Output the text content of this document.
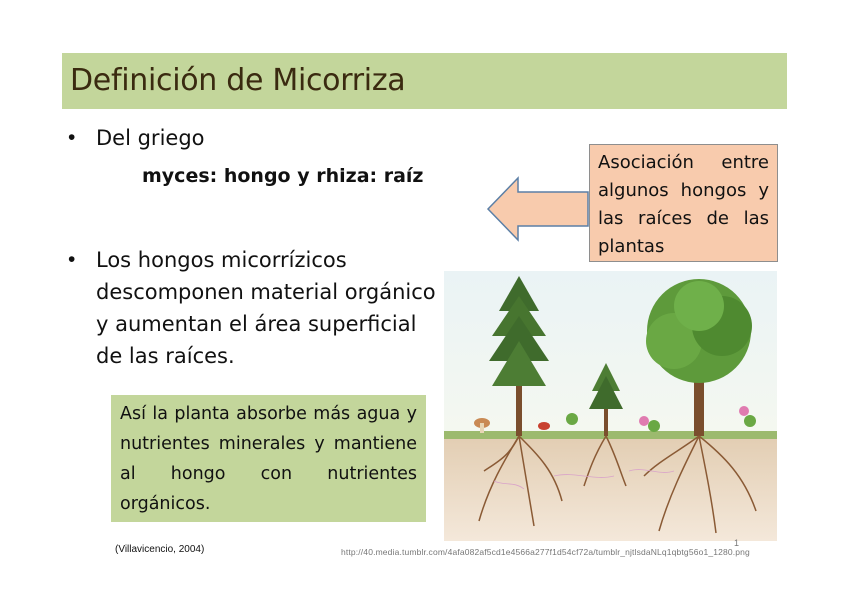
Definición de Micorriza
• Del griego
myces: hongo y rhiza: raíz
• Los hongos micorrízicos descomponen material orgánico y aumentan el área superficial de las raíces.
Asociación entre algunos hongos y las raíces de las plantas
Así la planta absorbe más agua y nutrientes minerales y mantiene al hongo con nutrientes orgánicos.
(Villavicencio, 2004)	http://40.media.tumblr.com/4afa082af5cd1e4566a277f1d54cf72a/tumblr_njtlsdaNLq1qbtg56o1_1280.png
1
